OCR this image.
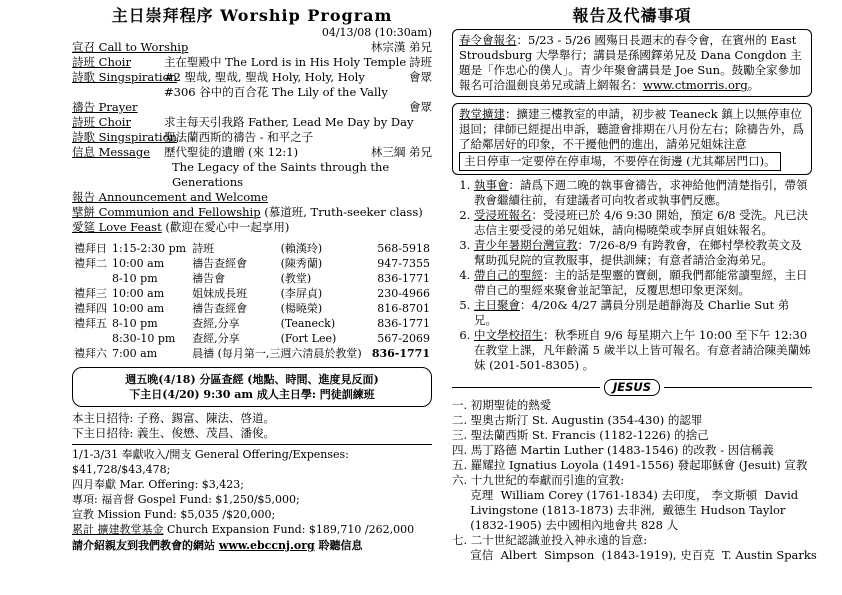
主日崇拜程序 Worship Program
04/13/08 (10:30am)
宣召 Call to Worship	林宗漢 弟兄
詩班 Choir	主在聖殿中 The Lord is in His Holy Temple 詩班
詩歌 Singspiration
#2 聖哉, 聖哉, 聖哉 Holy, Holy, Holy	會眾
#306 谷中的百合花 The Lily of the Vally
禱告 Prayer	會眾
詩班 Choir	求主每天引我路 Father, Lead Me Day by Day
詩歌 Singspiration
聖法蘭西斯的禱告 - 和平之子
信息 Message	歷代聖徒的遺贈 (來 12:1)	林三綱 弟兄
The Legacy of the Saints through the Generations
報告 Announcement and Welcome
擘餅 Communion and Fellowship (慕道班, Truth-seeker class)
愛筵 Love Feast (歡迎在愛心中一起享用)
禮拜日	1:15-2:30 pm	詩班	(賴漢玲)	568-5918
禮拜二	10:00 am	禱告查經會	(陳秀蘭)	947-7355
	8-10 pm	禱告會	(教堂)	836-1771
禮拜三	10:00 am	姐妹成長班	(李屏貞)	230-4966
禮拜四	10:00 am	禱告查經會	(楊曉榮)	816-8701
禮拜五	8-10 pm	查經,分享	(Teaneck)	836-1771
	8:30-10 pm	查經,分享	(Fort Lee)	567-2069
禮拜六	7:00 am	晨禱 (每月第一,三週六清晨於教堂)		836-1771
週五晚(4/18) 分區查經 (地點、時間、進度見反面)
下主日(4/20) 9:30 am 成人主日學: 門徒訓練班
本主日招待: 子務、錫富、陳法、啓道。
下主日招待: 義生、俊懋、茂昌、潘俊。
1/1-3/31 奉獻收入/開支 General Offering/Expenses: $41,728/$43,478;
四月奉獻 Mar. Offering: $3,423;
專項: 福音督 Gospel Fund: $1,250/$5,000;
宣教 Mission Fund: $5,035 /$20,000;
累計 擴建教堂基金 Church Expansion Fund: $189,710 /262,000
請介紹親友到我們教會的網站 www.ebccnj.org 聆聽信息
報告及代禱事項
春令會報名：5/23 - 5/26 國殤日長週末的春令會，在賓州的 East Stroudsburg 大學舉行；講員是孫國鐸弟兄及 Dana Congdon 主題是「作忠心的僕人」。青少年聚會講員是 Joe Sun。鼓勵全家參加報名可洽溫劍良弟兄或請上網報名：www.ctmorris.org。
教堂擴建：擴建三樓教室的申請，初步被 Teaneck 鎮上以無停車位退回；律師已經提出申訴，聽證會排期在八月份左右；除禱告外，爲了給鄰居好的印象，不干擾他們的進出，請弟兄姐妹注意 主日停車一定要停在停車場，不要停在街邊 (尤其鄰居門口)。
1. 執事會：請爲下週二晚的執事會禱告，求神給他們清楚指引，帶領教會繼續往前，有建議者可向牧者或執事們反應。
2. 受浸班報名：受浸班已於 4/6 9:30 開始，預定 6/8 受洗。凡已決志信主要受浸的弟兄姐妹，請向楊曉榮或李屏貞姐妹報名。
3. 青少年暑期台灣宣教：7/26-8/9 有跨教會，在鄉村學校教英文及幫助孤兒院的宣教服事，提供訓練；有意者請洽金海弟兄。
4. 帶自己的聖經：主的話是聖靈的寶劍，願我們都能常讀聖經，主日帶自己的聖經來聚會並記筆記，反覆思想印象更深刻。
5. 主日聚會：4/20& 4/27 講員分別是趙靜海及 Charlie Sut 弟兄。
6. 中文學校招生：秋季班自 9/6 每星期六上午 10:00 至下午 12:30 在教堂上課，凡年齡滿 5 歲半以上皆可報名。有意者請洽陳美蘭姊妹 (201-501-8305) 。
JESUS
一. 初期聖徒的熱愛
二. 聖奧古斯汀 St. Augustin (354-430) 的認罪
三. 聖法蘭西斯 St. Francis (1182-1226) 的捨己
四. 馬丁路德 Martin Luther (1483-1546) 的改教 - 因信稱義
五. 羅耀拉 Ignatius Loyola (1491-1556) 發起耶穌會 (Jesuit) 宣教
六. 十九世紀的奉獻而引進的宣教:
克理  William Corey (1761-1834) 去印度， 李文斯頓  David
Livingstone (1813-1873) 去非洲,  戴德生 Hudson Taylor
(1832-1905) 去中國相內地會共 828 人
七. 二十世紀認識並投入神永遠的旨意:
宣信  Albert  Simpson  (1843-1919), 史百克  T. Austin Sparks
